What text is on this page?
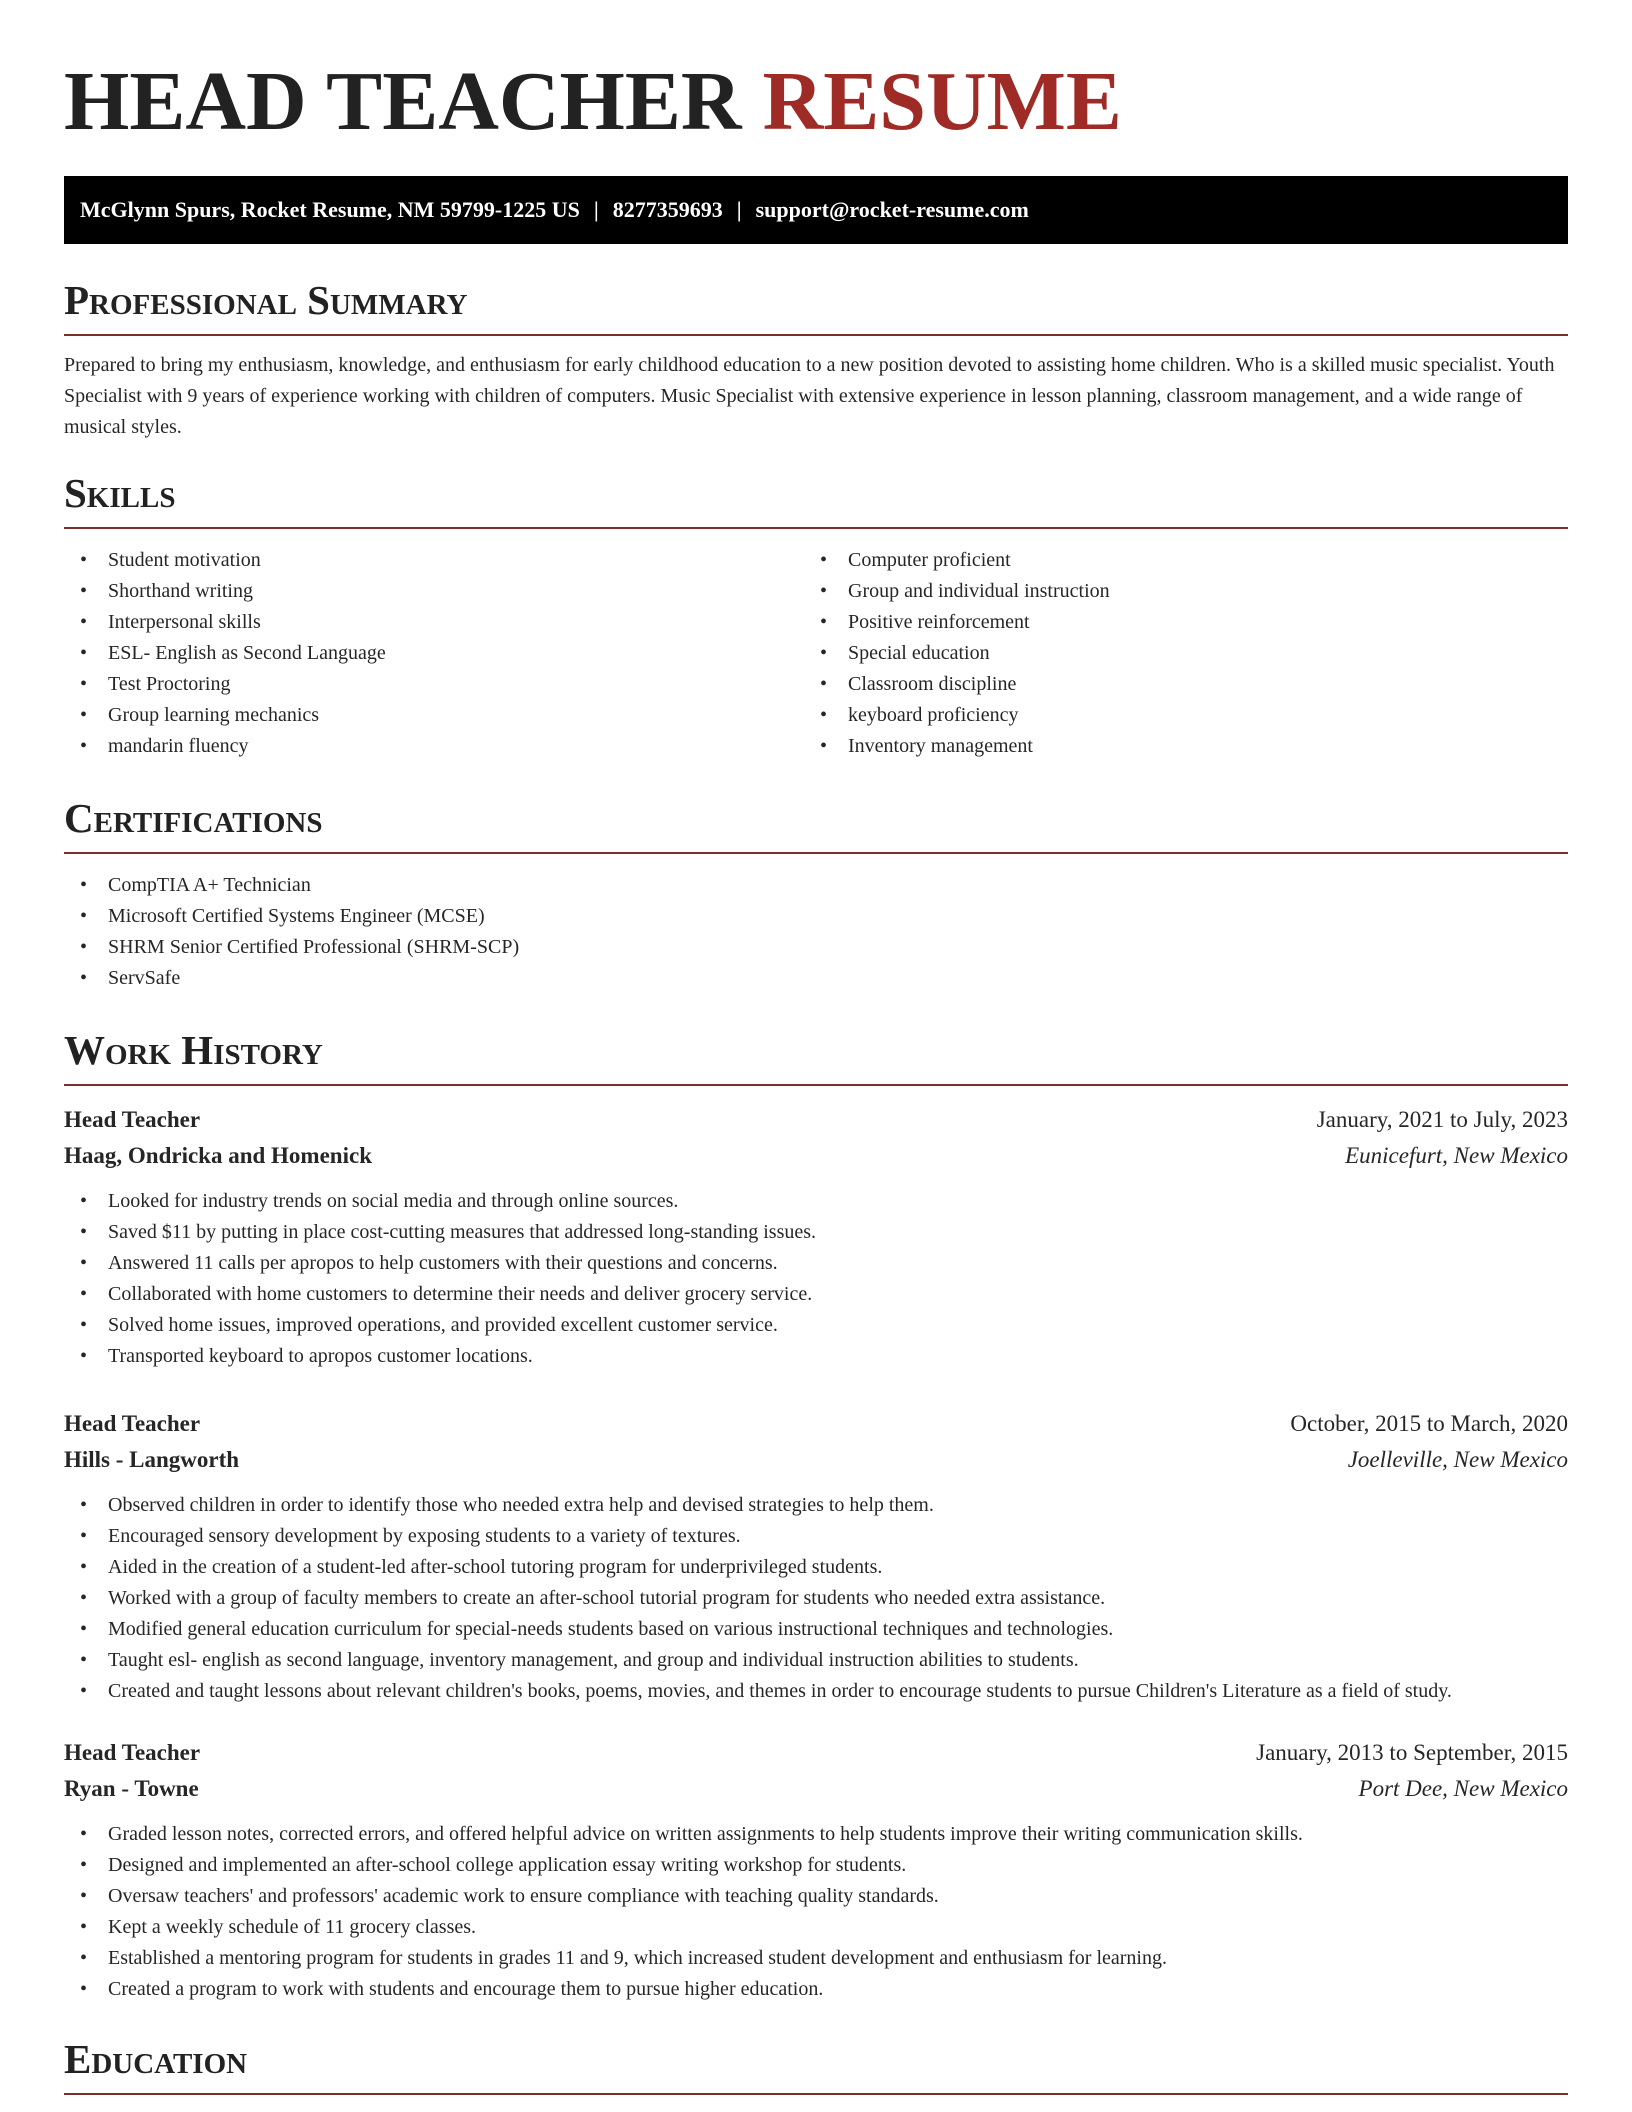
HEAD TEACHER RESUME
McGlynn Spurs, Rocket Resume, NM 59799-1225 US | 8277359693 | support@rocket-resume.com
Professional Summary

Prepared to bring my enthusiasm, knowledge, and enthusiasm for early childhood education to a new position devoted to assisting home children. Who is a skilled music specialist. Youth Specialist with 9 years of experience working with children of computers. Music Specialist with extensive experience in lesson planning, classroom management, and a wide range of musical styles.

Skills
• Student motivation
• Shorthand writing
• Interpersonal skills
• ESL- English as Second Language
• Test Proctoring
• Group learning mechanics
• mandarin fluency
• Computer proficient
• Group and individual instruction
• Positive reinforcement
• Special education
• Classroom discipline
• keyboard proficiency
• Inventory management
Certifications
• CompTIA A+ Technician
• Microsoft Certified Systems Engineer (MCSE)
• SHRM Senior Certified Professional (SHRM-SCP)
• ServSafe
Work History
Head Teacher	January, 2021 to July, 2023
Haag, Ondricka and Homenick	Eunicefurt, New Mexico
• Looked for industry trends on social media and through online sources.
• Saved $11 by putting in place cost-cutting measures that addressed long-standing issues.
• Answered 11 calls per apropos to help customers with their questions and concerns.
• Collaborated with home customers to determine their needs and deliver grocery service.
• Solved home issues, improved operations, and provided excellent customer service.
• Transported keyboard to apropos customer locations.
Head Teacher	October, 2015 to March, 2020
Hills - Langworth	Joelleville, New Mexico
• Observed children in order to identify those who needed extra help and devised strategies to help them.
• Encouraged sensory development by exposing students to a variety of textures.
• Aided in the creation of a student-led after-school tutoring program for underprivileged students.
• Worked with a group of faculty members to create an after-school tutorial program for students who needed extra assistance.
• Modified general education curriculum for special-needs students based on various instructional techniques and technologies.
• Taught esl- english as second language, inventory management, and group and individual instruction abilities to students.
• Created and taught lessons about relevant children's books, poems, movies, and themes in order to encourage students to pursue Children's Literature as a field of study.
Head Teacher	January, 2013 to September, 2015
Ryan - Towne	Port Dee, New Mexico
• Graded lesson notes, corrected errors, and offered helpful advice on written assignments to help students improve their writing communication skills.
• Designed and implemented an after-school college application essay writing workshop for students.
• Oversaw teachers' and professors' academic work to ensure compliance with teaching quality standards.
• Kept a weekly schedule of 11 grocery classes.
• Established a mentoring program for students in grades 11 and 9, which increased student development and enthusiasm for learning.
• Created a program to work with students and encourage them to pursue higher education.
Education
